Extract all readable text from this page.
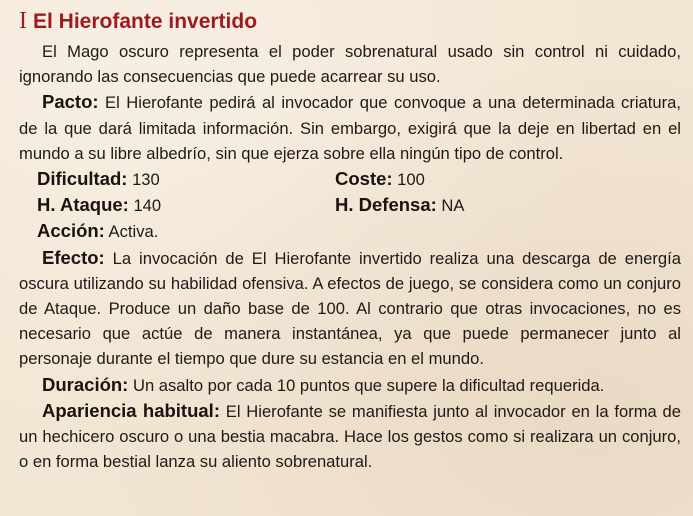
I El Hierofante invertido

El Mago oscuro representa el poder sobrenatural usado sin control ni cuidado, ignorando las consecuencias que puede acarrear su uso.

Pacto: El Hierofante pedirá al invocador que convoque a una determinada criatura, de la que dará limitada información. Sin embargo, exigirá que la deje en libertad en el mundo a su libre albedrío, sin que ejerza sobre ella ningún tipo de control.

Dificultad: 130	Coste: 100
H. Ataque: 140	H. Defensa: NA
Acción: Activa.

Efecto: La invocación de El Hierofante invertido realiza una descarga de energía oscura utilizando su habilidad ofensiva. A efectos de juego, se considera como un conjuro de Ataque. Produce un daño base de 100. Al contrario que otras invocaciones, no es necesario que actúe de manera instantánea, ya que puede permanecer junto al personaje durante el tiempo que dure su estancia en el mundo.

Duración: Un asalto por cada 10 puntos que supere la dificultad requerida.

Apariencia habitual: El Hierofante se manifiesta junto al invocador en la forma de un hechicero oscuro o una bestia macabra. Hace los gestos como si realizara un conjuro, o en forma bestial lanza su aliento sobrenatural.
